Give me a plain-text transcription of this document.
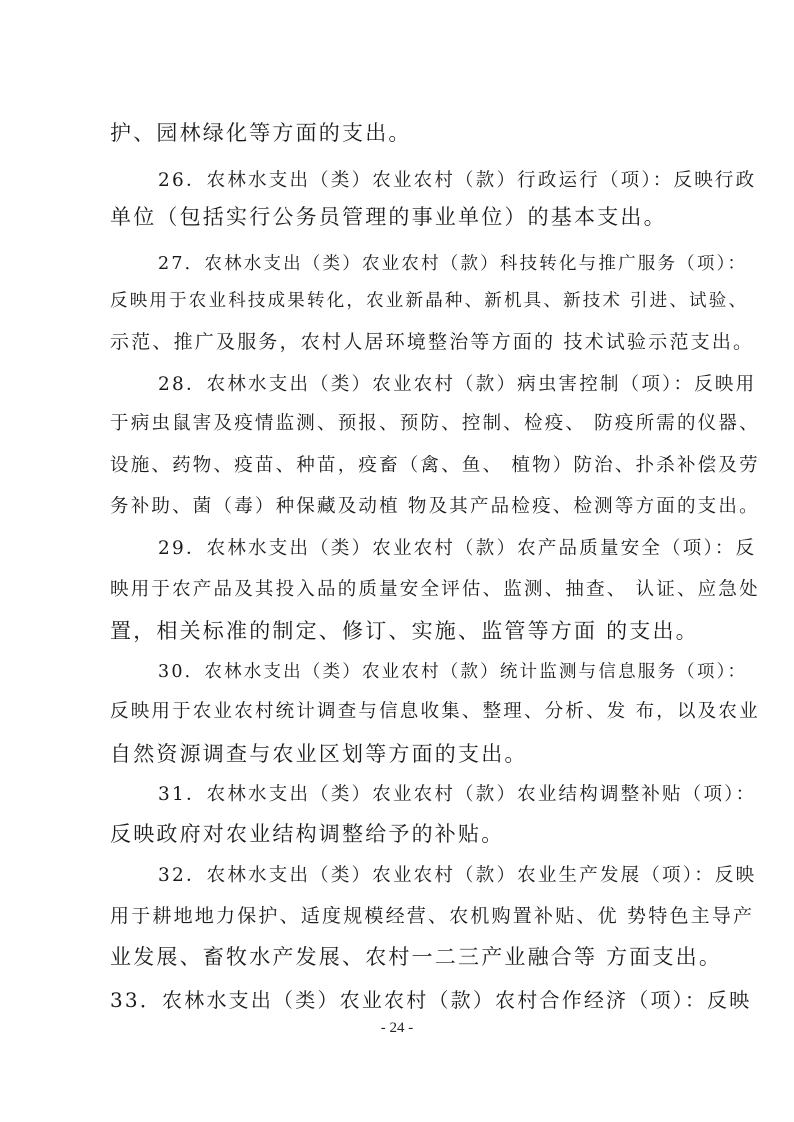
护、园林绿化等方面的支出。
26．农林水支出（类）农业农村（款）行政运行（项）：反映行政
单位（包括实行公务员管理的事业单位）的基本支出。
27．农林水支出（类）农业农村（款）科技转化与推广服务（项）：
反映用于农业科技成果转化，农业新晶种、新机具、新技术 引进、试验、
示范、推广及服务，农村人居环境整治等方面的 技术试验示范支出。
28．农林水支出（类）农业农村（款）病虫害控制（项）：反映用
于病虫鼠害及疫情监测、预报、预防、控制、检疫、 防疫所需的仪器、
设施、药物、疫苗、种苗，疫畜（禽、鱼、 植物）防治、扑杀补偿及劳
务补助、菌（毒）种保藏及动植 物及其产品检疫、检测等方面的支出。
29．农林水支出（类）农业农村（款）农产品质量安全（项）：反
映用于农产品及其投入品的质量安全评估、监测、抽查、 认证、应急处
置，相关标准的制定、修订、实施、监管等方面 的支出。
30．农林水支出（类）农业农村（款）统计监测与信息服务（项）：
反映用于农业农村统计调查与信息收集、整理、分析、发 布，以及农业
自然资源调查与农业区划等方面的支出。
31．农林水支出（类）农业农村（款）农业结构调整补贴（项）：
反映政府对农业结构调整给予的补贴。
32．农林水支出（类）农业农村（款）农业生产发展（项）：反映
用于耕地地力保护、适度规模经营、农机购置补贴、优 势特色主导产
业发展、畜牧水产发展、农村一二三产业融合等 方面支出。
33．农林水支出（类）农业农村（款）农村合作经济（项）：反映
- 24 -
